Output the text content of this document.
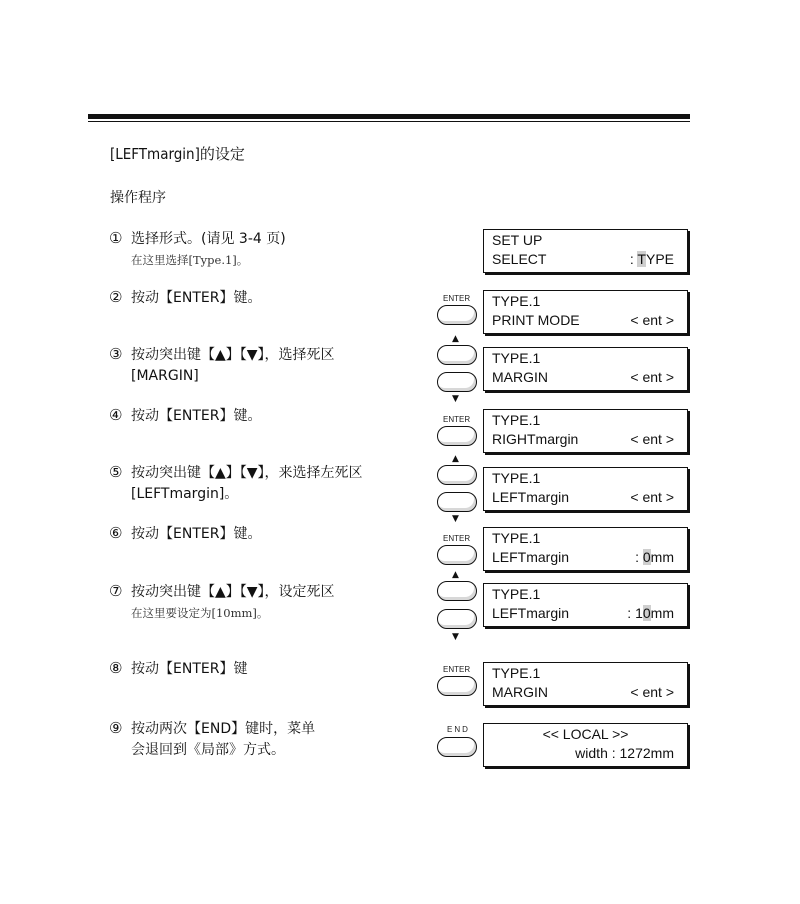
[LEFTmargin]的设定
操作程序
① 选择形式。(请见 3-4 页)
在这里选择[Type.1]。
② 按动【ENTER】键。
③ 按动突出键【▲】【▼】，选择死区
[MARGIN]
④ 按动【ENTER】键。
⑤ 按动突出键【▲】【▼】，来选择左死区
[LEFTmargin]。
⑥ 按动【ENTER】键。
⑦ 按动突出键【▲】【▼】，设定死区
在这里要设定为[10mm]。
⑧ 按动【ENTER】键
⑨ 按动两次【END】键时，菜单
会退回到《局部》方式。
ENTER
▲
▼
ENTER
▲
▼
ENTER
▲
▼
ENTER
END
SET UP
SELECT	: TYPE
TYPE.1
PRINT MODE	< ent >
TYPE.1
MARGIN	< ent >
TYPE.1
RIGHTmargin	< ent >
TYPE.1
LEFTmargin	< ent >
TYPE.1
LEFTmargin	: 0mm
TYPE.1
LEFTmargin	: 10mm
TYPE.1
MARGIN	< ent >
<< LOCAL >>
width : 1272mm
